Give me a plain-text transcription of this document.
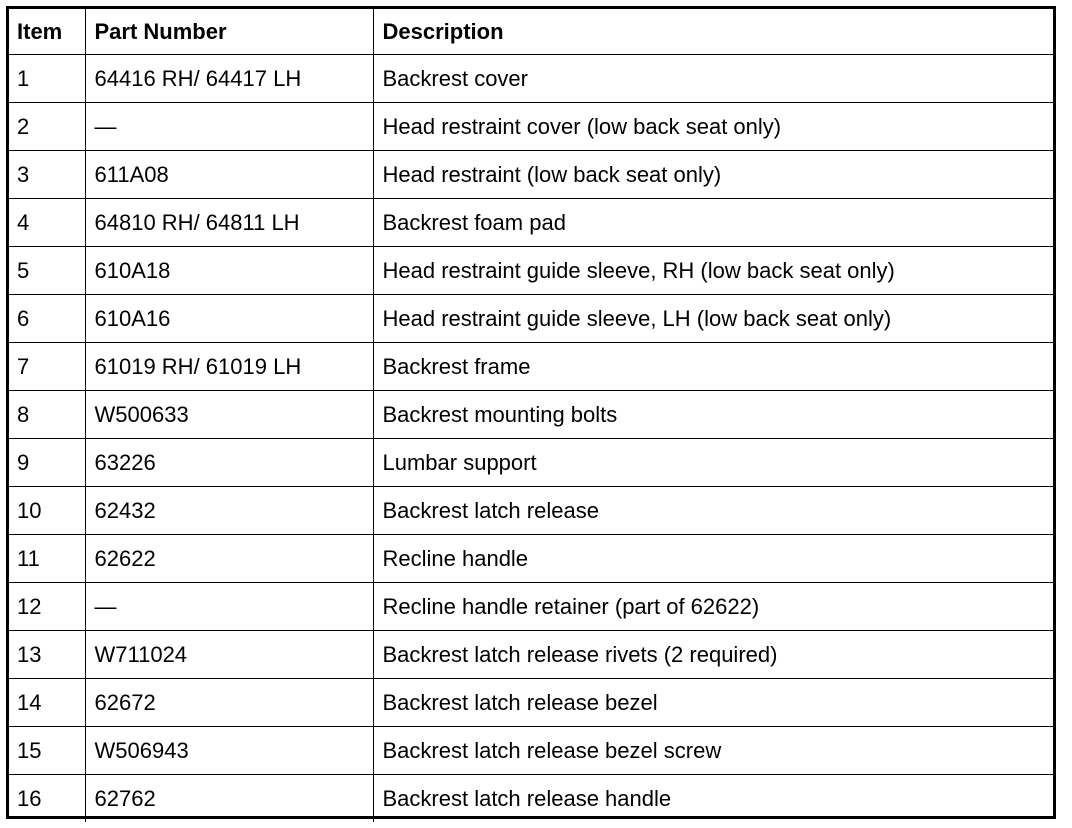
Item	Part Number	Description
1	64416 RH/ 64417 LH	Backrest cover
2	—	Head restraint cover (low back seat only)
3	611A08	Head restraint (low back seat only)
4	64810 RH/ 64811 LH	Backrest foam pad
5	610A18	Head restraint guide sleeve, RH (low back seat only)
6	610A16	Head restraint guide sleeve, LH (low back seat only)
7	61019 RH/ 61019 LH	Backrest frame
8	W500633	Backrest mounting bolts
9	63226	Lumbar support
10	62432	Backrest latch release
11	62622	Recline handle
12	—	Recline handle retainer (part of 62622)
13	W711024	Backrest latch release rivets (2 required)
14	62672	Backrest latch release bezel
15	W506943	Backrest latch release bezel screw
16	62762	Backrest latch release handle
